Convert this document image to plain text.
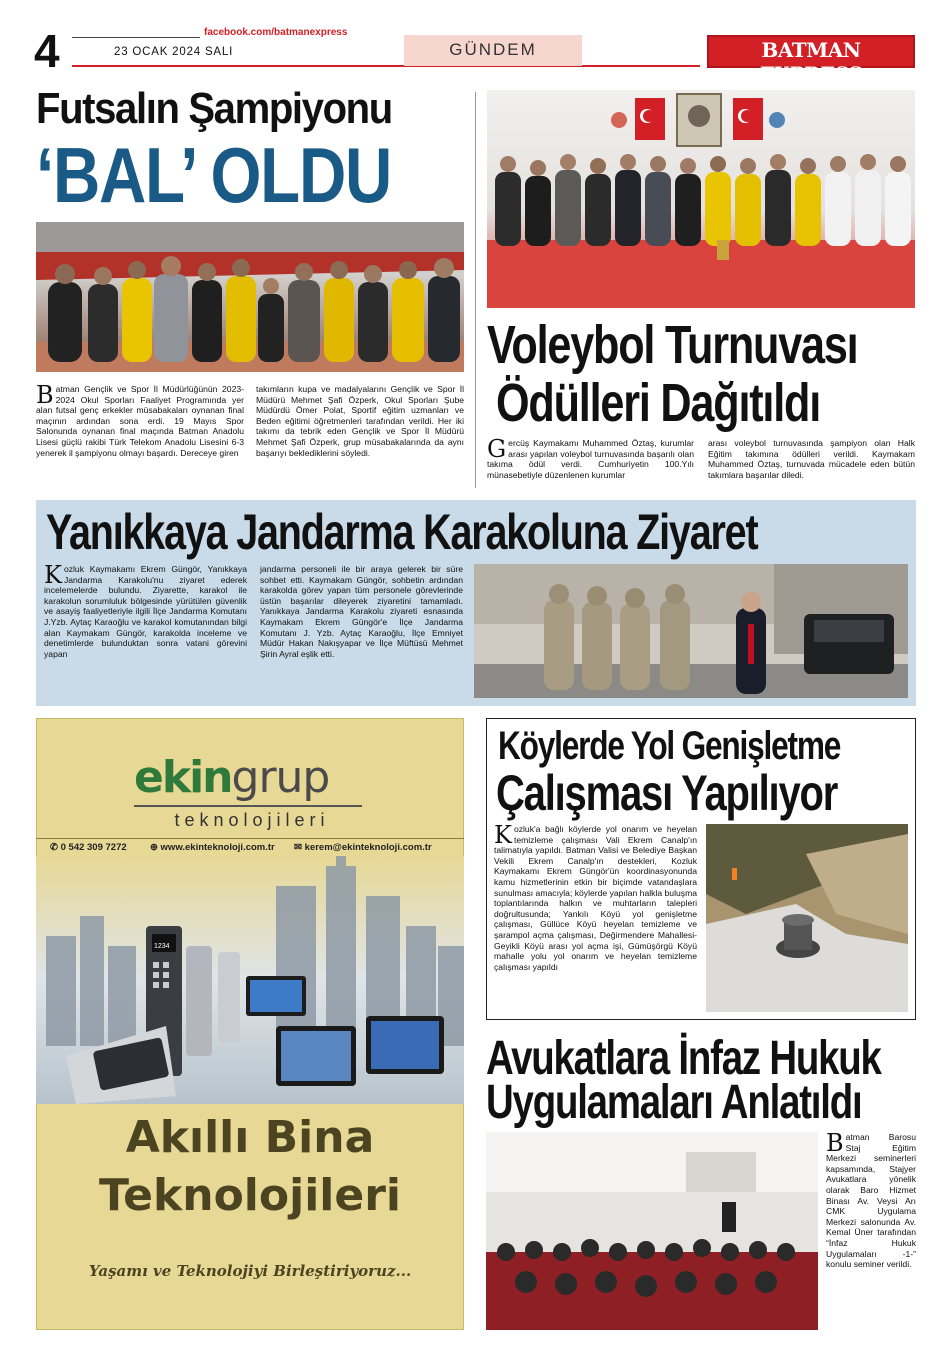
4	facebook.com/batmanexpress
23 OCAK 2024 SALI	GÜNDEM	BATMAN EXPRESS
Futsalın Şampiyonu
‘BAL’ OLDU
Batman Gençlik ve Spor İl Müdürlüğünün 2023-2024 Okul Sporları Faaliyet Programında yer alan futsal genç erkekler müsabakaları oynanan final maçının ardından sona erdi. 19 Mayıs Spor Salonunda oynanan final maçında Batman Anadolu Lisesi güçlü rakibi Türk Telekom Anadolu Lisesini 6-3 yenerek il şampiyonu olmayı başardı. Dereceye giren
takımların kupa ve madalyalarını Gençlik ve Spor İl Müdürü Mehmet Şafi Özperk, Okul Sporları Şube Müdürdü Ömer Polat, Sportif eğitim uzmanları ve Beden eğitimi öğretmenleri tarafından verildi. Her iki takımı da tebrik eden Gençlik ve Spor İl Müdürü Mehmet Şafi Özperk, grup müsabakalarında da aynı başarıyı beklediklerini söyledi.
Voleybol Turnuvası
Ödülleri Dağıtıldı
Gercüş Kaymakamı Muhammed Öztaş, kurumlar arası yapılan voleybol turnuvasında başarılı olan takıma ödül verdi. Cumhuriyetin 100.Yılı münasebetiyle düzenlenen kurumlar
arası voleybol turnuvasında şampiyon olan Halk Eğitim takımına ödülleri verildi. Kaymakam Muhammed Öztaş, turnuvada mücadele eden bütün takımlara başarılar diledi.
Yanıkkaya Jandarma Karakoluna Ziyaret
Kozluk Kaymakamı Ekrem Güngör, Yanıkkaya Jandarma Karakolu'nu ziyaret ederek incelemelerde bulundu. Ziyarette, karakol ile karakolun sorumluluk bölgesinde yürütülen güvenlik ve asayiş faaliyetleriyle ilgili İlçe Jandarma Komutanı J.Yzb. Aytaç Karaoğlu ve karakol komutanından bilgi alan Kaymakam Güngör, karakolda inceleme ve denetimlerde bulunduktan sonra vatani görevini yapan
jandarma personeli ile bir araya gelerek bir süre sohbet etti. Kaymakam Güngör, sohbetin ardından karakolda görev yapan tüm personele görevlerinde üstün başarılar dileyerek ziyaretini tamamladı. Yanıkkaya Jandarma Karakolu ziyareti esnasında Kaymakam Ekrem Güngör'e İlçe Jandarma Komutanı J. Yzb. Aytaç Karaoğlu, İlçe Emniyet Müdür Hakan Nakışyapar ve İlçe Müftüsü Mehmet Şirin Ayral eşlik etti.
ekingrup
teknolojileri
✆ 0 542 309 7272 ⊕ www.ekinteknoloji.com.tr ✉ kerem@ekinteknoloji.com.tr
1234
Akıllı Bina
Teknolojileri
Yaşamı ve Teknolojiyi Birleştiriyoruz...
Köylerde Yol Genişletme
Çalışması Yapılıyor
Kozluk'a bağlı köylerde yol onarım ve heyelan temizleme çalışması Vali Ekrem Canalp'ın talimatıyla yapıldı. Batman Valisi ve Belediye Başkan Vekili Ekrem Canalp'ın destekleri, Kozluk Kaymakamı Ekrem Güngör'ün koordinasyonunda kamu hizmetlerinin etkin bir biçimde vatandaşlara sunulması amacıyla; köylerde yapılan halkla buluşma toplantılarında halkın ve muhtarların talepleri doğrultusunda; Yankılı Köyü yol genişletme çalışması, Güllüce Köyü heyelan temizleme ve şarampol açma çalışması, Değirmendere Mahallesi-Geyikli Köyü arası yol açma işi, Gümüşörgü Köyü mahalle yolu yol onarım ve heyelan temizleme çalışması yapıldı
Avukatlara İnfaz Hukuk
Uygulamaları Anlatıldı
Batman Barosu Staj Eğitim Merkezi seminerleri kapsamında, Stajyer Avukatlara yönelik olarak Baro Hizmet Binası Av. Veysi Arı CMK Uygulama Merkezi salonunda Av. Kemal Üner tarafından “İnfaz Hukuk Uygulamaları -1-” konulu seminer verildi.
